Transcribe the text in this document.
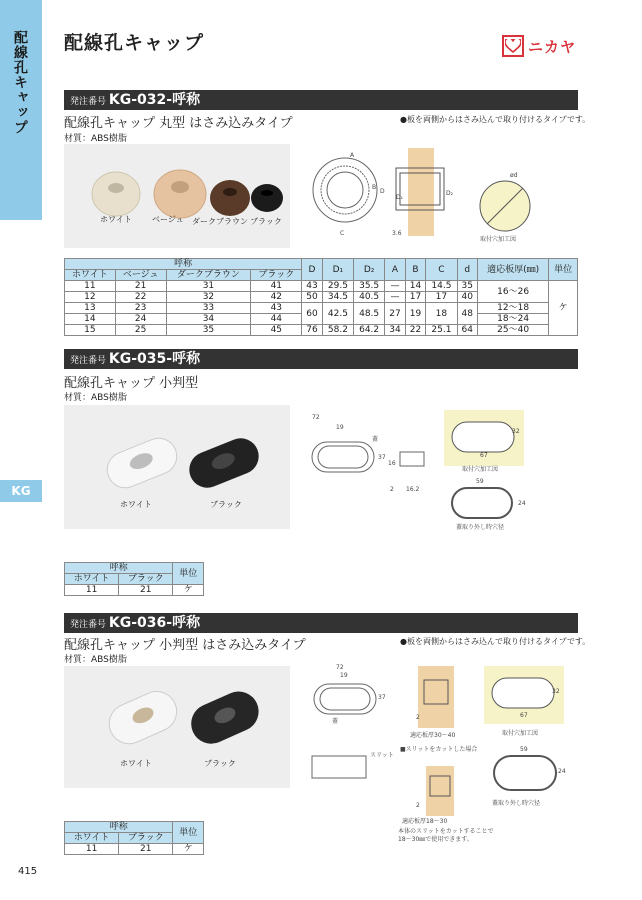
配線孔キャップ
KG
配線孔キャップ	ニカヤ
発注番号 KG-032-呼称
配線孔キャップ 丸型 はさみ込みタイプ	●板を両側からはさみ込んで取り付けるタイプです。
材質：ABS樹脂
ホワイト	ベージュ ダークブラウン ブラック
A
D
D₁
D₂
B
C	3.6
ød
取付穴加工図
呼称				D	D₁	D₂	A	B	C	d	適応板厚(㎜)	単位
ホワイト	ベージュ	ダークブラウン	ブラック									
11	21	31	41	43	29.5	35.5	—	14	14.5	35	16〜26	ケ
12	22	32	42	50	34.5	40.5	—	17	17	40		
13	23	33	43	60	42.5	48.5	27	19	18	48	12〜18	
14	24	34	44								18〜24	
15	25	35	45	76	58.2	64.2	34	22	25.1	64	25〜40	
発注番号 KG-035-呼称
配線孔キャップ 小判型
材質：ABS樹脂
ホワイト	ブラック
72
19
蓋
37
16
2 16.2
32
67
取付穴加工図
59
24
蓋取り外し時穴径
呼称		単位
ホワイト	ブラック	
11	21	ケ
発注番号 KG-036-呼称
配線孔キャップ 小判型 はさみ込みタイプ	●板を両側からはさみ込んで取り付けるタイプです。
材質：ABS樹脂
ホワイト	ブラック
72
19
37
蓋
2
適応板厚30〜40
32
67
取付穴加工図
スリット
■スリットをカットした場合
2
適応板厚18〜30
本体のスリットをカットすることで
18〜30㎜で使用できます。
59
24
蓋取り外し時穴径
呼称		単位
ホワイト	ブラック	
11	21	ケ
415
